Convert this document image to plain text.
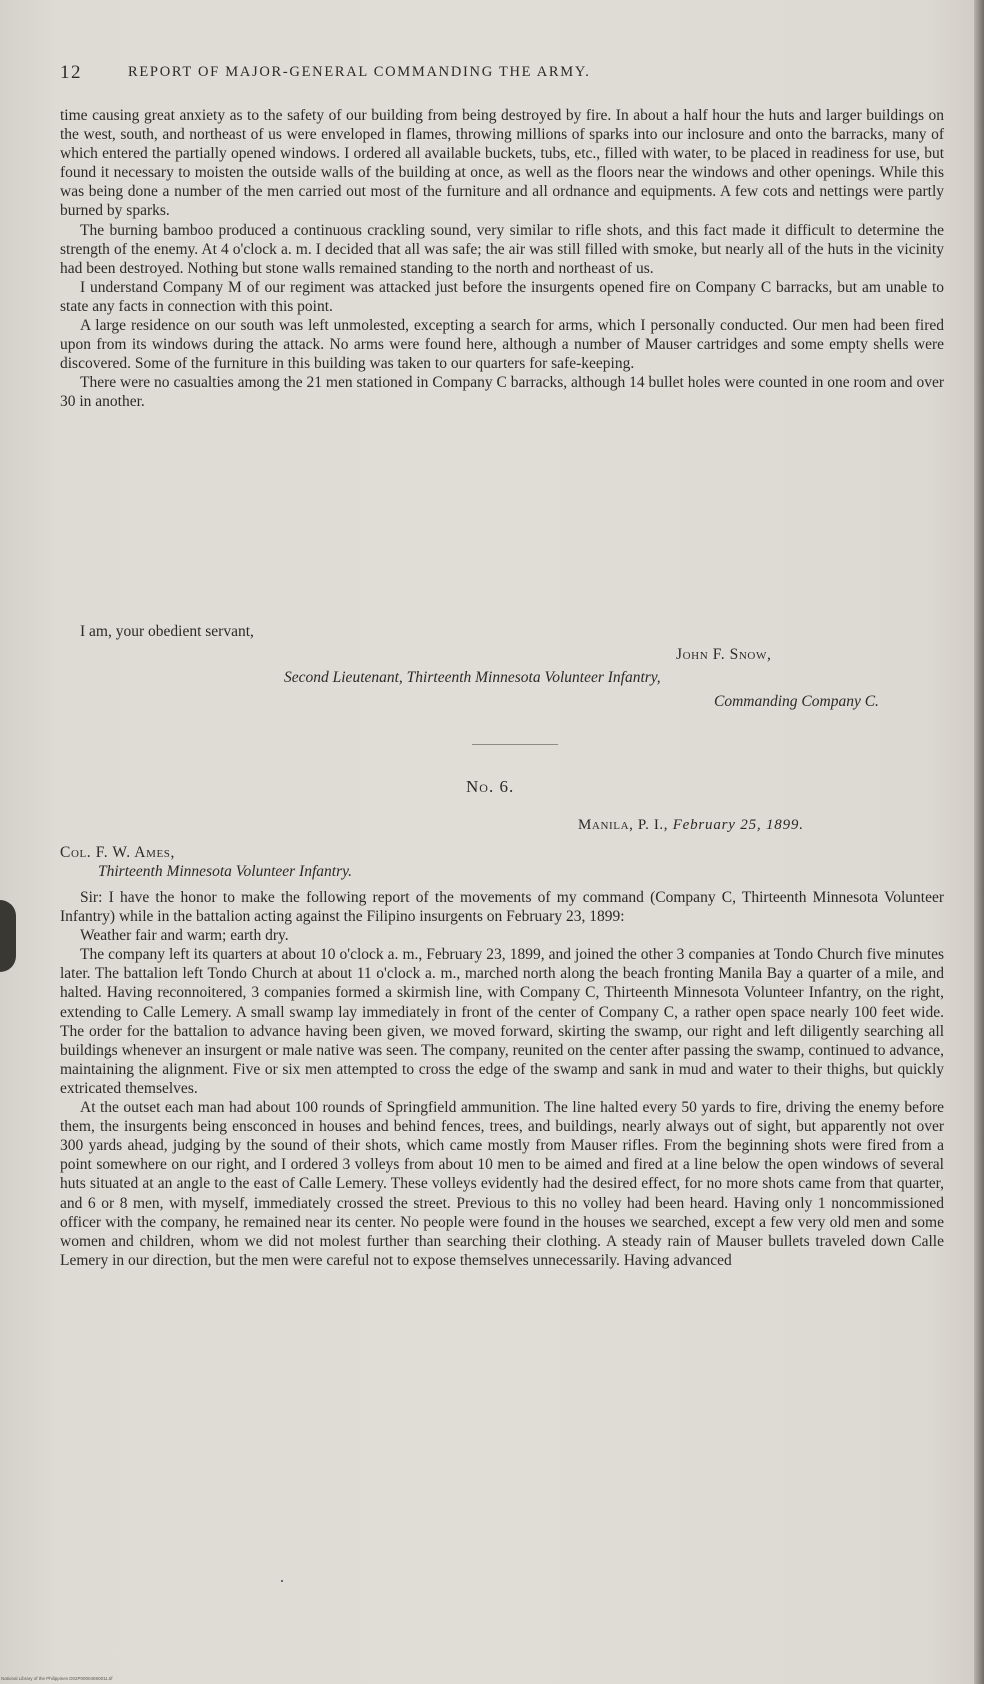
12	REPORT OF MAJOR-GENERAL COMMANDING THE ARMY.

time causing great anxiety as to the safety of our building from being destroyed by fire. In about a half hour the huts and larger buildings on the west, south, and northeast of us were enveloped in flames, throwing millions of sparks into our inclosure and onto the barracks, many of which entered the partially opened windows. I ordered all available buckets, tubs, etc., filled with water, to be placed in readiness for use, but found it necessary to moisten the outside walls of the building at once, as well as the floors near the windows and other openings. While this was being done a number of the men carried out most of the furniture and all ordnance and equipments. A few cots and nettings were partly burned by sparks.

The burning bamboo produced a continuous crackling sound, very similar to rifle shots, and this fact made it difficult to determine the strength of the enemy. At 4 o'clock a. m. I decided that all was safe; the air was still filled with smoke, but nearly all of the huts in the vicinity had been destroyed. Nothing but stone walls remained standing to the north and northeast of us.

I understand Company M of our regiment was attacked just before the insurgents opened fire on Company C barracks, but am unable to state any facts in connection with this point.

A large residence on our south was left unmolested, excepting a search for arms, which I personally conducted. Our men had been fired upon from its windows during the attack. No arms were found here, although a number of Mauser cartridges and some empty shells were discovered. Some of the furniture in this building was taken to our quarters for safe-keeping.

There were no casualties among the 21 men stationed in Company C barracks, although 14 bullet holes were counted in one room and over 30 in another.

I am, your obedient servant,
John F. Snow,
Second Lieutenant, Thirteenth Minnesota Volunteer Infantry,
Commanding Company C.
No. 6.
Manila, P. I., February 25, 1899.
Col. F. W. Ames,
Thirteenth Minnesota Volunteer Infantry.

Sir: I have the honor to make the following report of the movements of my command (Company C, Thirteenth Minnesota Volunteer Infantry) while in the battalion acting against the Filipino insurgents on February 23, 1899:

Weather fair and warm; earth dry.

The company left its quarters at about 10 o'clock a. m., February 23, 1899, and joined the other 3 companies at Tondo Church five minutes later. The battalion left Tondo Church at about 11 o'clock a. m., marched north along the beach fronting Manila Bay a quarter of a mile, and halted. Having reconnoitered, 3 companies formed a skirmish line, with Company C, Thirteenth Minnesota Volunteer Infantry, on the right, extending to Calle Lemery. A small swamp lay immediately in front of the center of Company C, a rather open space nearly 100 feet wide. The order for the battalion to advance having been given, we moved forward, skirting the swamp, our right and left diligently searching all buildings whenever an insurgent or male native was seen. The company, reunited on the center after passing the swamp, continued to advance, maintaining the alignment. Five or six men attempted to cross the edge of the swamp and sank in mud and water to their thighs, but quickly extricated themselves.

At the outset each man had about 100 rounds of Springfield ammunition. The line halted every 50 yards to fire, driving the enemy before them, the insurgents being ensconced in houses and behind fences, trees, and buildings, nearly always out of sight, but apparently not over 300 yards ahead, judging by the sound of their shots, which came mostly from Mauser rifles. From the beginning shots were fired from a point somewhere on our right, and I ordered 3 volleys from about 10 men to be aimed and fired at a line below the open windows of several huts situated at an angle to the east of Calle Lemery. These volleys evidently had the desired effect, for no more shots came from that quarter, and 6 or 8 men, with myself, immediately crossed the street. Previous to this no volley had been heard. Having only 1 noncommissioned officer with the company, he remained near its center. No people were found in the houses we searched, except a few very old men and some women and children, whom we did not molest further than searching their clothing. A steady rain of Mauser bullets traveled down Calle Lemery in our direction, but the men were careful not to expose themselves unnecessarily. Having advanced

National Library of the Philippines D02P00004690011.tif
